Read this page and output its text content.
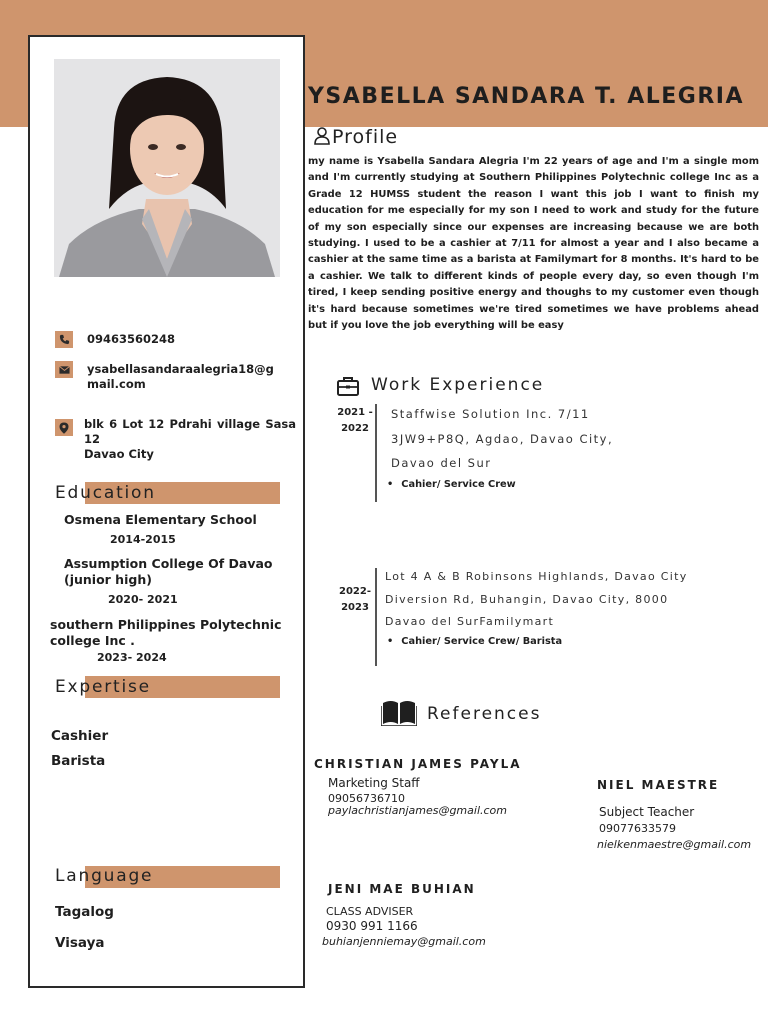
YSABELLA SANDARA T. ALEGRIA
Profile
my name is Ysabella Sandara Alegria I'm 22 years of age and I'm a single mom and I'm currently studying at Southern Philippines Polytechnic college Inc as a Grade 12 HUMSS student the reason I want this job I want to finish my education for me especially for my son I need to work and study for the future of my son especially since our expenses are increasing because we are both studying. I used to be a cashier at 7/11 for almost a year and I also became a cashier at the same time as a barista at Familymart for 8 months. It's hard to be a cashier. We talk to different kinds of people every day, so even though I'm tired, I keep sending positive energy and thoughs to my customer even though it's hard because sometimes we're tired sometimes we have problems ahead but if you love the job everything will be easy
09463560248
ysabellasandaraalegria18@g
mail.com
blk 6 Lot 12 Pdrahi village Sasa 12
Davao City
Education
Osmena Elementary School
2014-2015
Assumption College Of Davao
(junior high)
2020- 2021
southern Philippines Polytechnic
college Inc .
2023- 2024
Expertise
Cashier
Barista
Language
Tagalog
Visaya
Work Experience
2021 -
2022
Staffwise Solution Inc. 7/11
3JW9+P8Q, Agdao, Davao City,
Davao del Sur
• Cahier/ Service Crew
2022-
2023
Lot 4 A & B Robinsons Highlands, Davao City
Diversion Rd, Buhangin, Davao City, 8000
Davao del SurFamilymart
• Cahier/ Service Crew/ Barista
References
CHRISTIAN JAMES PAYLA
Marketing Staff
09056736710
paylachristianjames@gmail.com
NIEL MAESTRE
Subject Teacher
09077633579
nielkenmaestre@gmail.com
JENI MAE BUHIAN
CLASS ADVISER
0930 991 1166
buhianjenniemay@gmail.com
